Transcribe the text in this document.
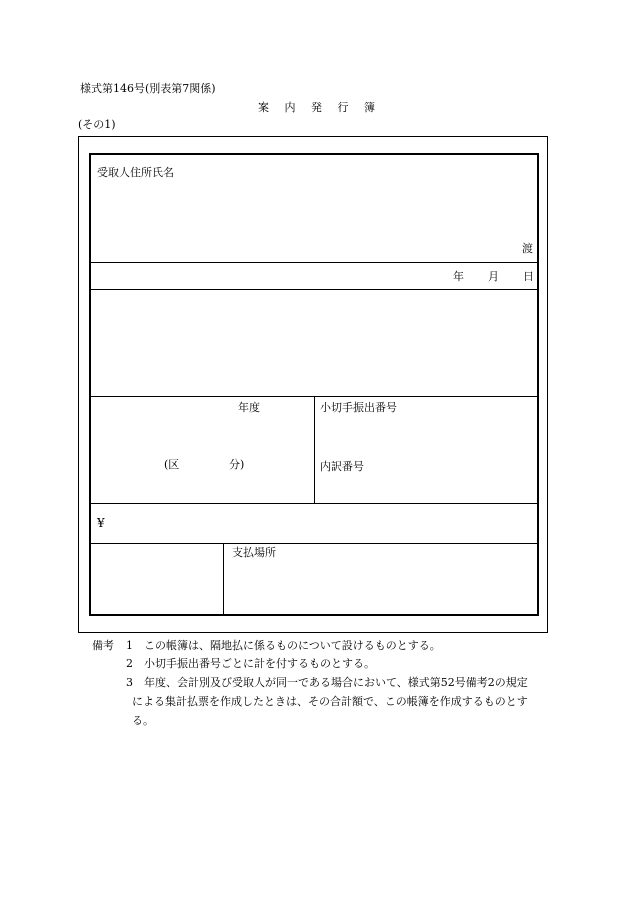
様式第146号(別表第7関係)
案 内 発 行 簿
(その1)
受取人住所氏名
渡
年 月 日
年度
(区	分)
小切手振出番号
内訳番号
¥
支払場所
備考 1 この帳簿は、隔地払に係るものについて設けるものとする。
2 小切手振出番号ごとに計を付するものとする。
3 年度、会計別及び受取人が同一である場合において、様式第52号備考2の規定
による集計払票を作成したときは、その合計額で、この帳簿を作成するものとす
る。
